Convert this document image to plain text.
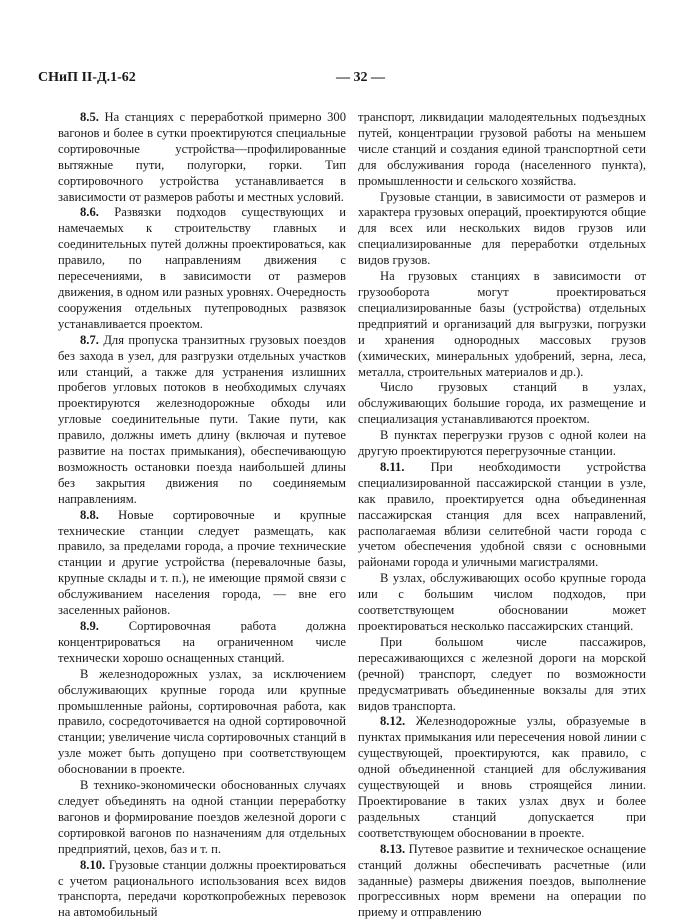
СНиП II-Д.1-62	— 32 —

8.5. На станциях с переработкой примерно 300 вагонов и более в сутки проектируются специальные сортировочные устройства—профилированные вытяжные пути, полугорки, горки. Тип сортировочного устройства устанавливается в зависимости от размеров работы и местных условий.

8.6. Развязки подходов существующих и намечаемых к строительству главных и соединительных путей должны проектироваться, как правило, по направлениям движения с пересечениями, в зависимости от размеров движения, в одном или разных уровнях. Очередность сооружения отдельных путепроводных развязок устанавливается проектом.

8.7. Для пропуска транзитных грузовых поездов без захода в узел, для разгрузки отдельных участков или станций, а также для устранения излишних пробегов угловых потоков в необходимых случаях проектируются железнодорожные обходы или угловые соединительные пути. Такие пути, как правило, должны иметь длину (включая и путевое развитие на постах примыкания), обеспечивающую возможность остановки поезда наибольшей длины без закрытия движения по соединяемым направлениям.

8.8. Новые сортировочные и крупные технические станции следует размещать, как правило, за пределами города, а прочие технические станции и другие устройства (перевалочные базы, крупные склады и т. п.), не имеющие прямой связи с обслуживанием населения города, — вне его заселенных районов.

8.9. Сортировочная работа должна концентрироваться на ограниченном числе технически хорошо оснащенных станций.

В железнодорожных узлах, за исключением обслуживающих крупные города или крупные промышленные районы, сортировочная работа, как правило, сосредоточивается на одной сортировочной станции; увеличение числа сортировочных станций в узле может быть допущено при соответствующем обосновании в проекте.

В технико-экономически обоснованных случаях следует объединять на одной станции переработку вагонов и формирование поездов железной дороги с сортировкой вагонов по назначениям для отдельных предприятий, цехов, баз и т. п.

8.10. Грузовые станции должны проектироваться с учетом рационального использования всех видов транспорта, передачи короткопробежных перевозок на автомобильный

транспорт, ликвидации малодеятельных подъездных путей, концентрации грузовой работы на меньшем числе станций и создания единой транспортной сети для обслуживания города (населенного пункта), промышленности и сельского хозяйства.

Грузовые станции, в зависимости от размеров и характера грузовых операций, проектируются общие для всех или нескольких видов грузов или специализированные для переработки отдельных видов грузов.

На грузовых станциях в зависимости от грузооборота могут проектироваться специализированные базы (устройства) отдельных предприятий и организаций для выгрузки, погрузки и хранения однородных массовых грузов (химических, минеральных удобрений, зерна, леса, металла, строительных материалов и др.).

Число грузовых станций в узлах, обслуживающих большие города, их размещение и специализация устанавливаются проектом.

В пунктах перегрузки грузов с одной колеи на другую проектируются перегрузочные станции.

8.11. При необходимости устройства специализированной пассажирской станции в узле, как правило, проектируется одна объединенная пассажирская станция для всех направлений, располагаемая вблизи селитебной части города с учетом обеспечения удобной связи с основными районами города и уличными магистралями.

В узлах, обслуживающих особо крупные города или с большим числом подходов, при соответствующем обосновании может проектироваться несколько пассажирских станций.

При большом числе пассажиров, пересаживающихся с железной дороги на морской (речной) транспорт, следует по возможности предусматривать объединенные вокзалы для этих видов транспорта.

8.12. Железнодорожные узлы, образуемые в пунктах примыкания или пересечения новой линии с существующей, проектируются, как правило, с одной объединенной станцией для обслуживания существующей и вновь строящейся линии. Проектирование в таких узлах двух и более раздельных станций допускается при соответствующем обосновании в проекте.

8.13. Путевое развитие и техническое оснащение станций должны обеспечивать расчетные (или заданные) размеры движения поездов, выполнение прогрессивных норм времени на операции по приему и отправлению
